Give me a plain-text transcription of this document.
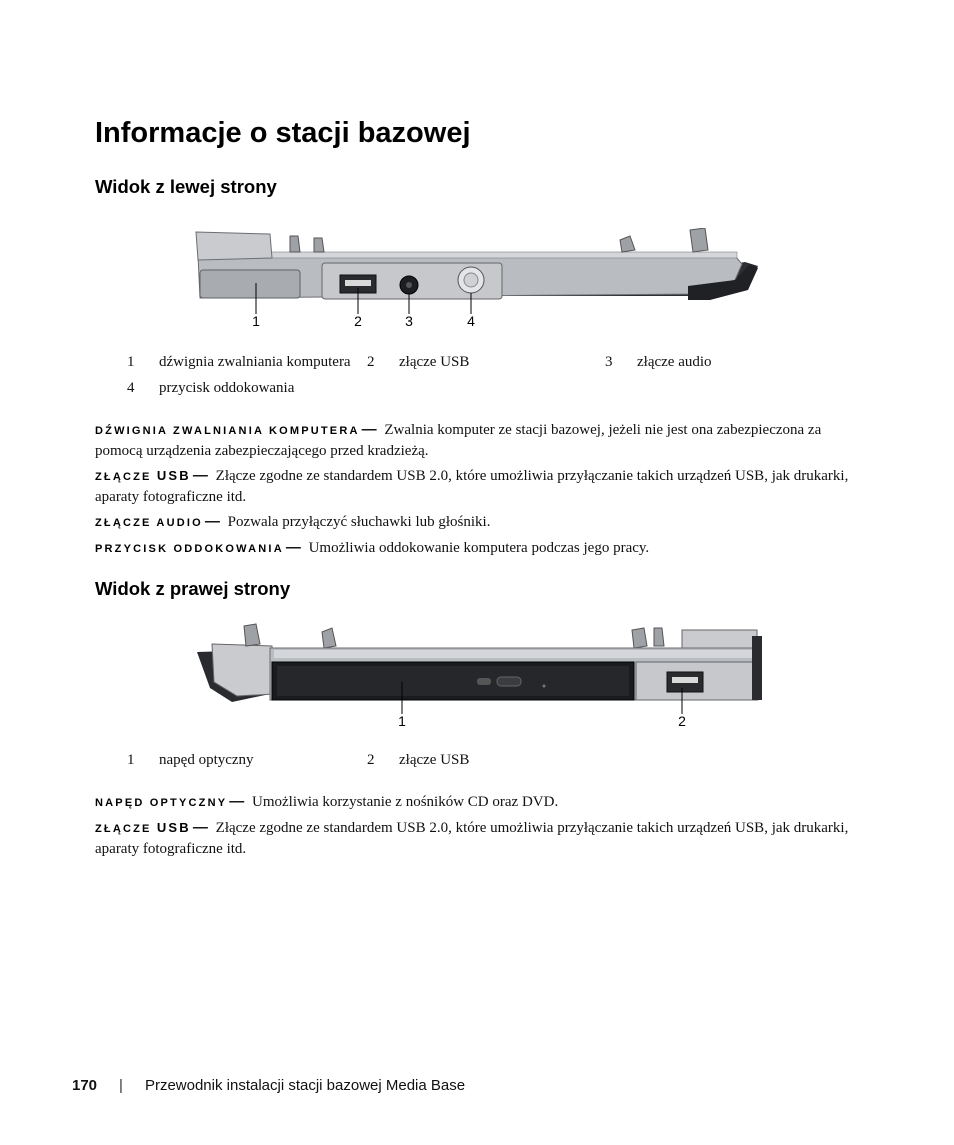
Informacje o stacji bazowej
Widok z lewej strony
1	2	3	4
1 dźwignia zwalniania komputera 2 złącze USB	3 złącze audio
4 przycisk oddokowania

DŹWIGNIA ZWALNIANIA KOMPUTERA — Zwalnia komputer ze stacji bazowej, jeżeli nie jest ona zabezpieczona za pomocą urządzenia zabezpieczającego przed kradzieżą.

ZŁĄCZE USB — Złącze zgodne ze standardem USB 2.0, które umożliwia przyłączanie takich urządzeń USB, jak drukarki, aparaty fotograficzne itd.

ZŁĄCZE AUDIO — Pozwala przyłączyć słuchawki lub głośniki.

PRZYCISK ODDOKOWANIA — Umożliwia oddokowanie komputera podczas jego pracy.

Widok z prawej strony
1	2
1 napęd optyczny	2 złącze USB

NAPĘD OPTYCZNY — Umożliwia korzystanie z nośników CD oraz DVD.

ZŁĄCZE USB — Złącze zgodne ze standardem USB 2.0, które umożliwia przyłączanie takich urządzeń USB, jak drukarki, aparaty fotograficzne itd.

170 | Przewodnik instalacji stacji bazowej Media Base
